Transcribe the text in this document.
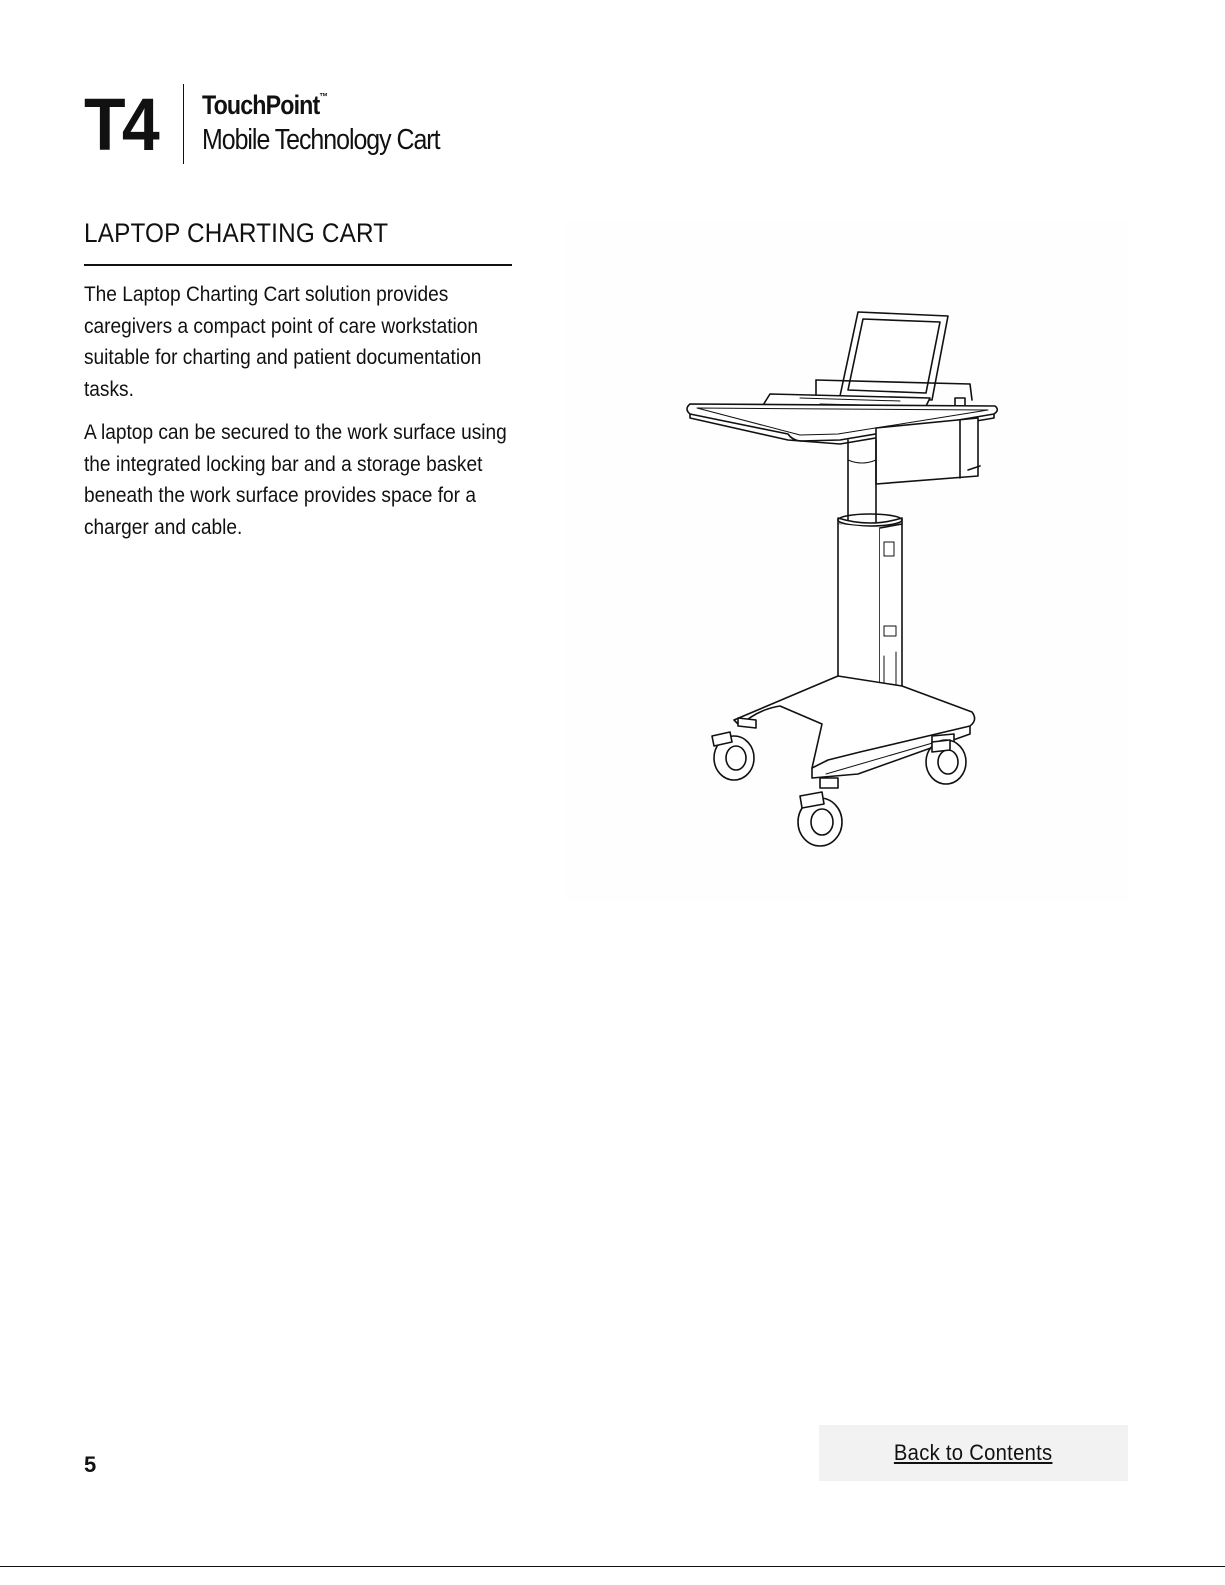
T4 TouchPoint™
Mobile Technology Cart
LAPTOP CHARTING CART

The Laptop Charting Cart solution provides caregivers a compact point of care workstation suitable for charting and patient documentation tasks.

A laptop can be secured to the work surface using the integrated locking bar and a storage basket beneath the work surface provides space for a charger and cable.

Back to Contents
5
